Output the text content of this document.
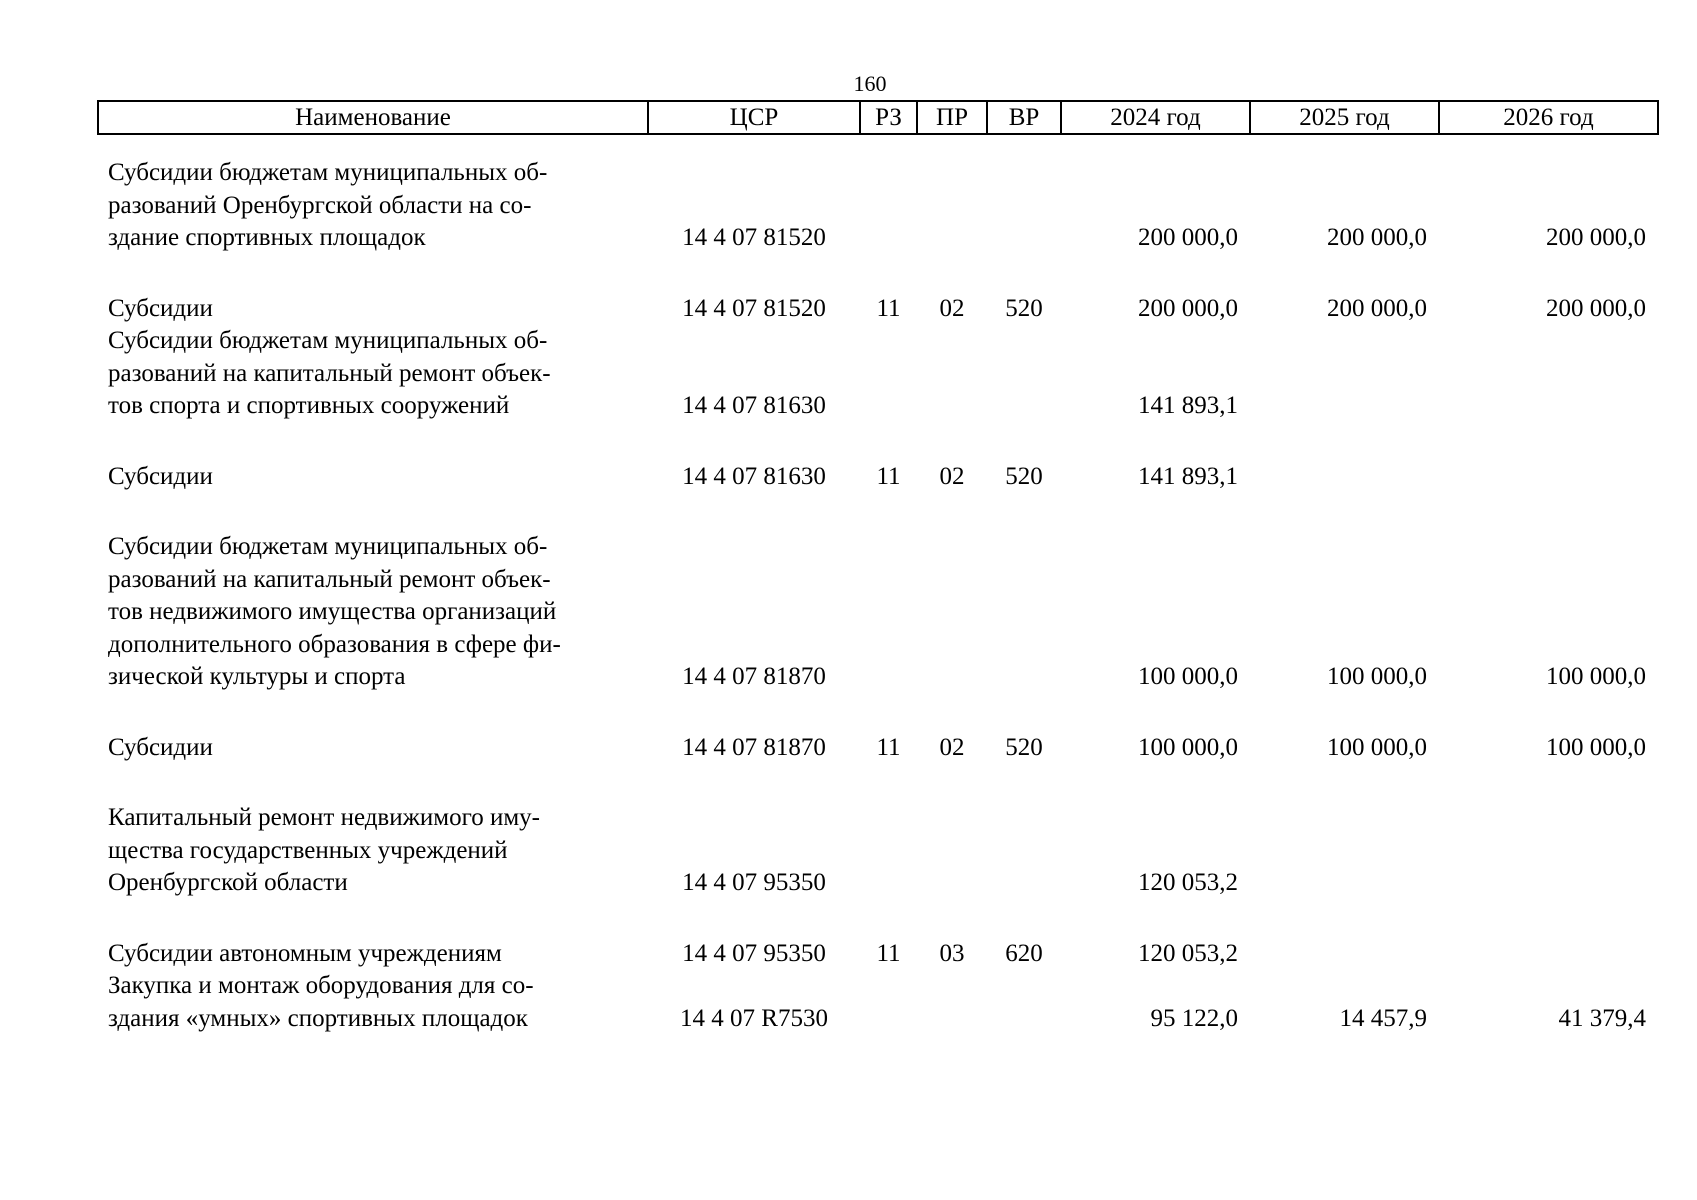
160
Наименование	ЦСР	РЗ	ПР	ВР	2024 год	2025 год	2026 год

Субсидии бюджетам муниципальных об-
разований Оренбургской области на со-
здание спортивных площадок	14 4 07 81520				200 000,0	200 000,0	200 000,0

Субсидии	14 4 07 81520	11	02	520	200 000,0	200 000,0	200 000,0

Субсидии бюджетам муниципальных об-
разований на капитальный ремонт объек-
тов спорта и спортивных сооружений	14 4 07 81630				141 893,1		

Субсидии	14 4 07 81630	11	02	520	141 893,1		

Субсидии бюджетам муниципальных об-
разований на капитальный ремонт объек-
тов недвижимого имущества организаций
дополнительного образования в сфере фи-
зической культуры и спорта	14 4 07 81870				100 000,0	100 000,0	100 000,0

Субсидии	14 4 07 81870	11	02	520	100 000,0	100 000,0	100 000,0

Капитальный ремонт недвижимого иму-
щества государственных учреждений
Оренбургской области	14 4 07 95350				120 053,2		

Субсидии автономным учреждениям	14 4 07 95350	11	03	620	120 053,2		

Закупка и монтаж оборудования для со-
здания «умных» спортивных площадок	14 4 07 R7530				95 122,0	14 457,9	41 379,4
